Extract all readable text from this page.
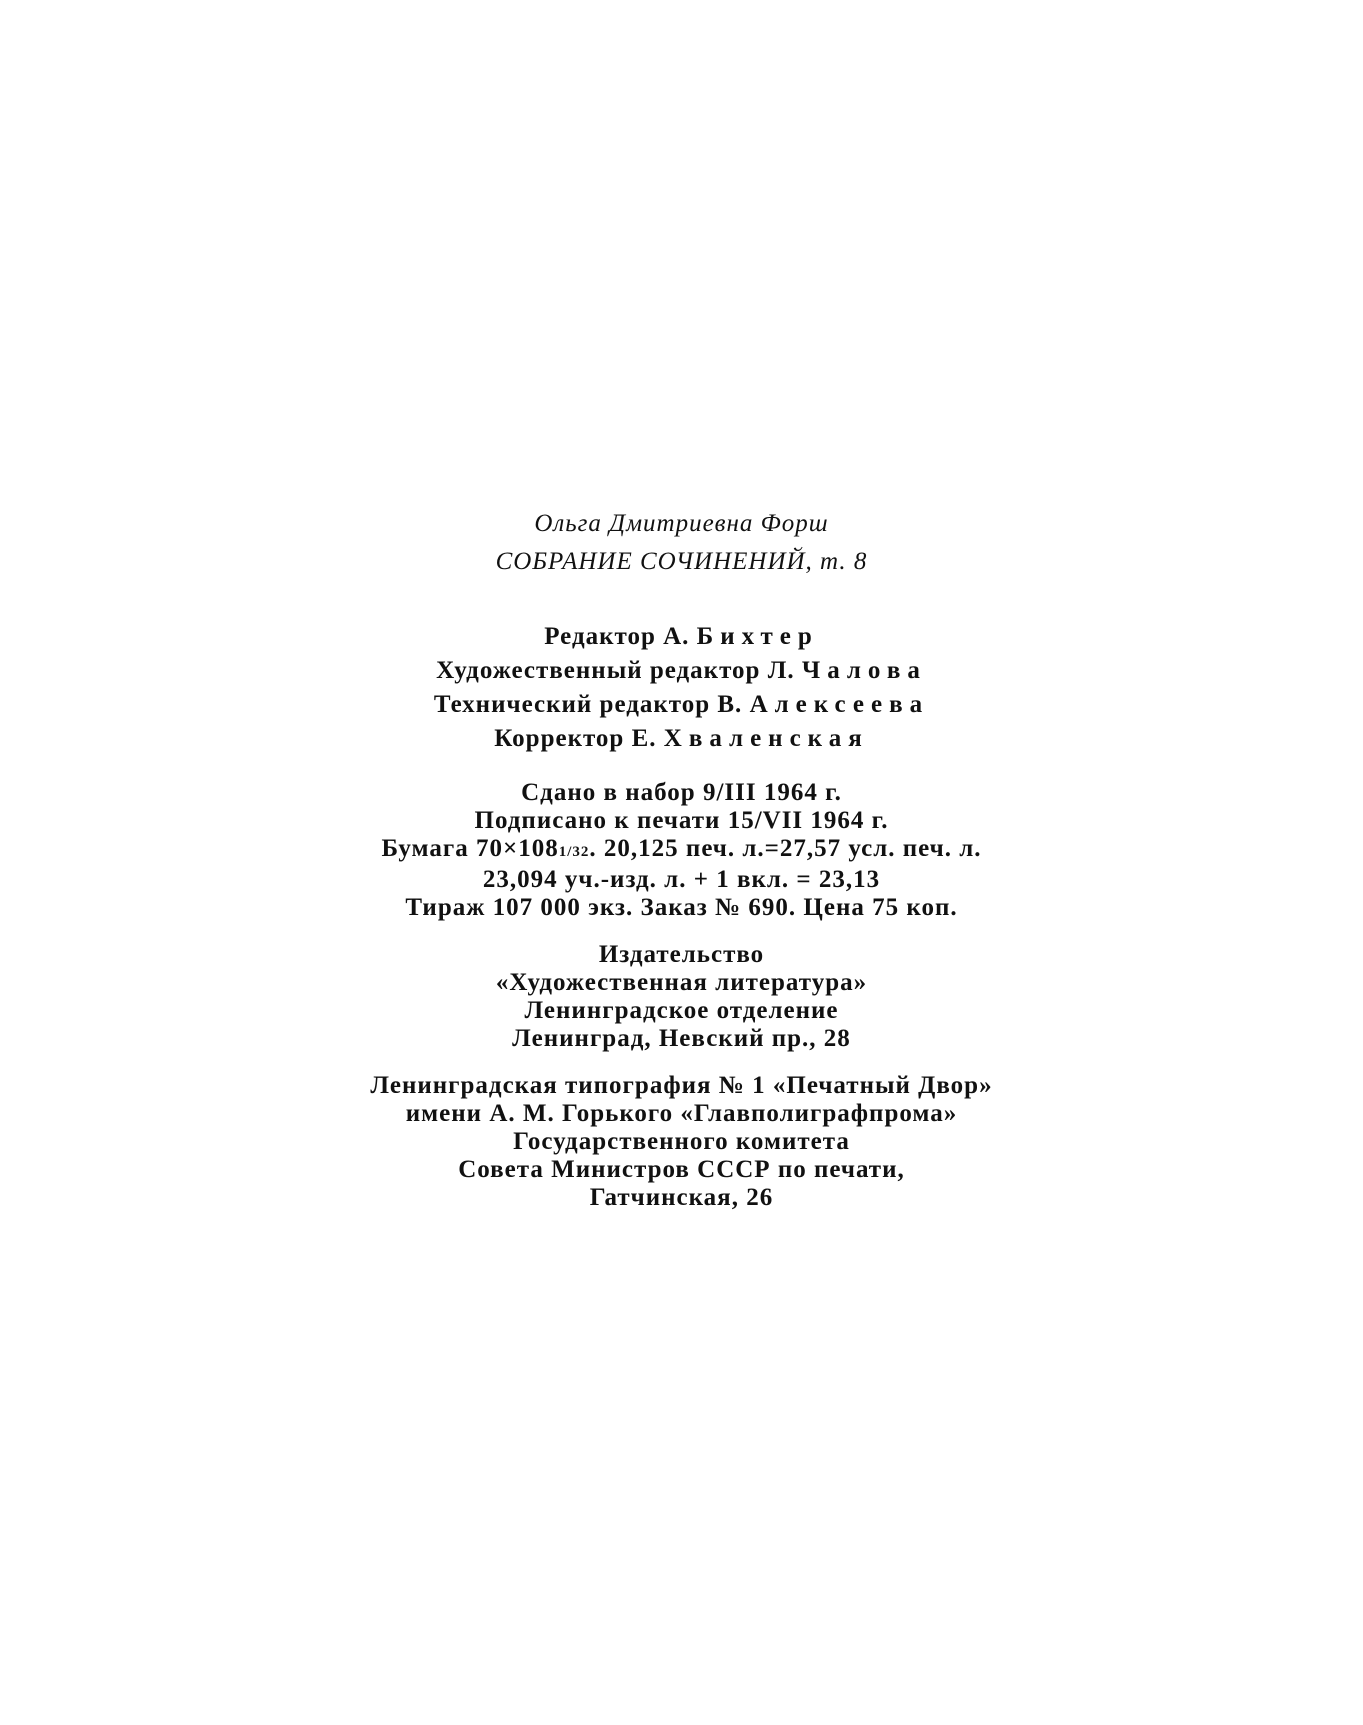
Ольга Дмитриевна Форш
СОБРАНИЕ СОЧИНЕНИЙ, т. 8
Редактор А. Бихтер
Художественный редактор Л. Чалова
Технический редактор В. Алексеева
Корректор Е. Хваленская
Сдано в набор 9/III 1964 г.
Подписано к печати 15/VII 1964 г.
Бумага 70×1081/32. 20,125 печ. л.=27,57 усл. печ. л.
23,094 уч.-изд. л. + 1 вкл. = 23,13
Тираж 107 000 экз. Заказ № 690. Цена 75 коп.
Издательство
«Художественная литература»
Ленинградское отделение
Ленинград, Невский пр., 28
Ленинградская типография № 1 «Печатный Двор»
имени А. М. Горького «Главполиграфпрома»
Государственного комитета
Совета Министров СССР по печати,
Гатчинская, 26
